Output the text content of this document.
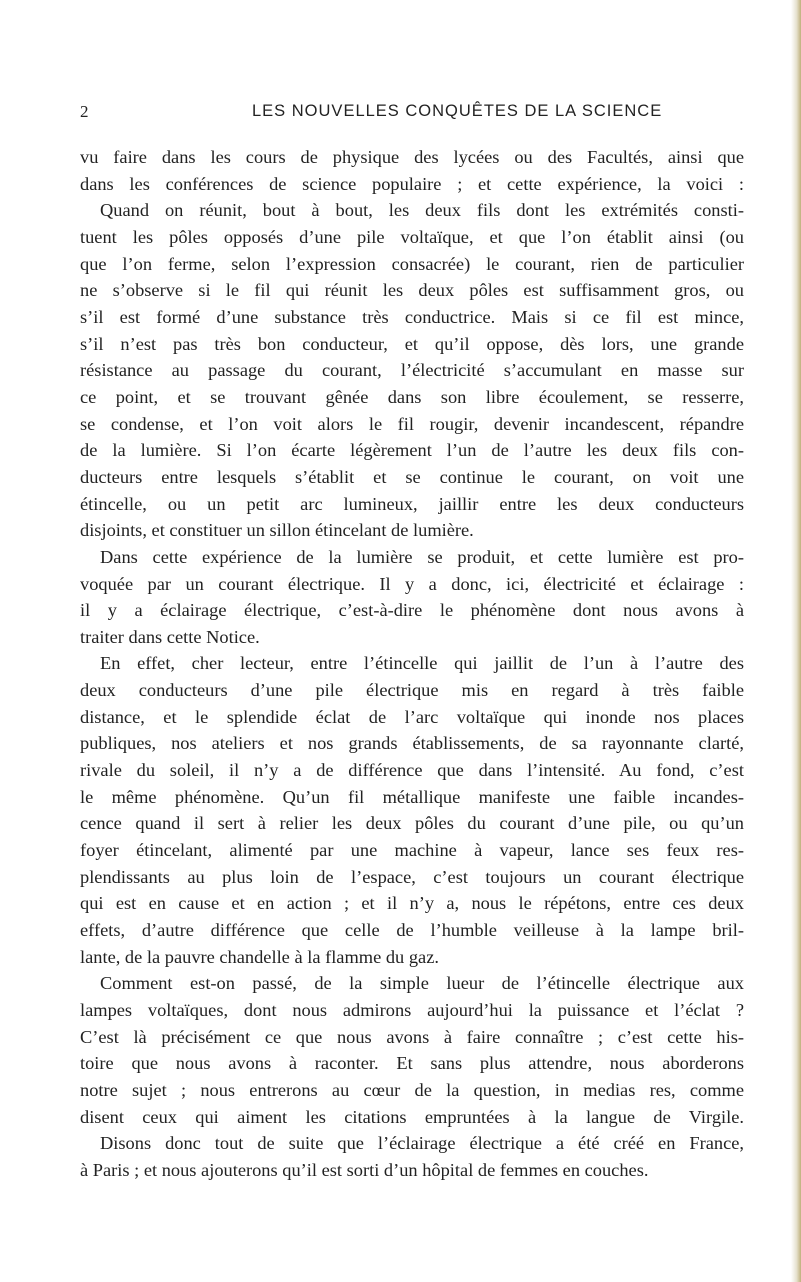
2	LES NOUVELLES CONQUÊTES DE LA SCIENCE
vu faire dans les cours de physique des lycées ou des Facultés, ainsi que
dans les conférences de science populaire ; et cette expérience, la voici :
Quand on réunit, bout à bout, les deux fils dont les extrémités consti-
tuent les pôles opposés d’une pile voltaïque, et que l’on établit ainsi (ou
que l’on ferme, selon l’expression consacrée) le courant, rien de particulier
ne s’observe si le fil qui réunit les deux pôles est suffisamment gros, ou
s’il est formé d’une substance très conductrice. Mais si ce fil est mince,
s’il n’est pas très bon conducteur, et qu’il oppose, dès lors, une grande
résistance au passage du courant, l’électricité s’accumulant en masse sur
ce point, et se trouvant gênée dans son libre écoulement, se resserre,
se condense, et l’on voit alors le fil rougir, devenir incandescent, répandre
de la lumière. Si l’on écarte légèrement l’un de l’autre les deux fils con-
ducteurs entre lesquels s’établit et se continue le courant, on voit une
étincelle, ou un petit arc lumineux, jaillir entre les deux conducteurs
disjoints, et constituer un sillon étincelant de lumière.
Dans cette expérience de la lumière se produit, et cette lumière est pro-
voquée par un courant électrique. Il y a donc, ici, électricité et éclairage :
il y a éclairage électrique, c’est-à-dire le phénomène dont nous avons à
traiter dans cette Notice.
En effet, cher lecteur, entre l’étincelle qui jaillit de l’un à l’autre des
deux conducteurs d’une pile électrique mis en regard à très faible
distance, et le splendide éclat de l’arc voltaïque qui inonde nos places
publiques, nos ateliers et nos grands établissements, de sa rayonnante clarté,
rivale du soleil, il n’y a de différence que dans l’intensité. Au fond, c’est
le même phénomène. Qu’un fil métallique manifeste une faible incandes-
cence quand il sert à relier les deux pôles du courant d’une pile, ou qu’un
foyer étincelant, alimenté par une machine à vapeur, lance ses feux res-
plendissants au plus loin de l’espace, c’est toujours un courant électrique
qui est en cause et en action ; et il n’y a, nous le répétons, entre ces deux
effets, d’autre différence que celle de l’humble veilleuse à la lampe bril-
lante, de la pauvre chandelle à la flamme du gaz.
Comment est-on passé, de la simple lueur de l’étincelle électrique aux
lampes voltaïques, dont nous admirons aujourd’hui la puissance et l’éclat ?
C’est là précisément ce que nous avons à faire connaître ; c’est cette his-
toire que nous avons à raconter. Et sans plus attendre, nous aborderons
notre sujet ; nous entrerons au cœur de la question, in medias res, comme
disent ceux qui aiment les citations empruntées à la langue de Virgile.
Disons donc tout de suite que l’éclairage électrique a été créé en France,
à Paris ; et nous ajouterons qu’il est sorti d’un hôpital de femmes en couches.
